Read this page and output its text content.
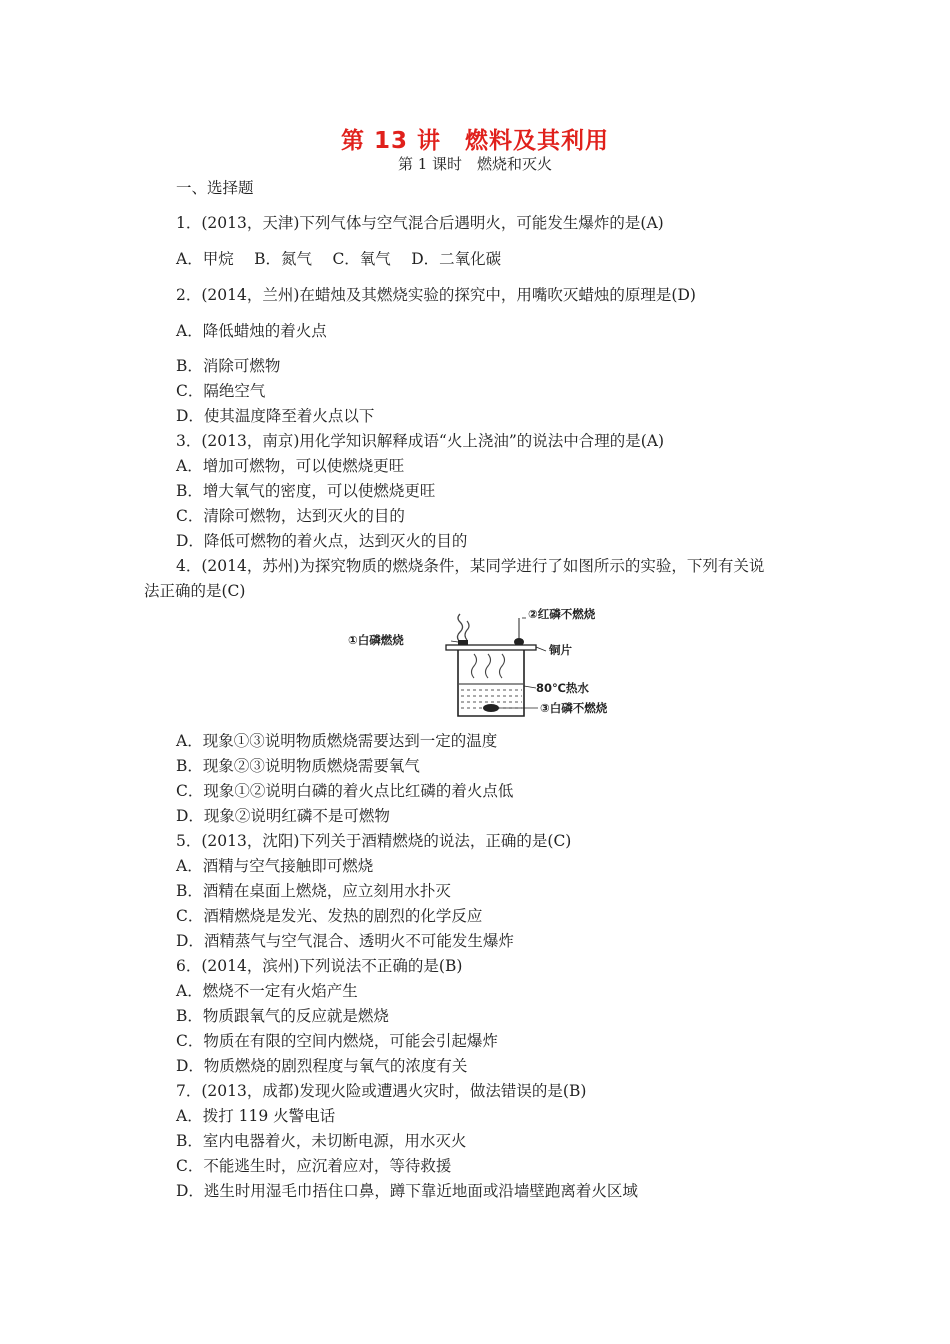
第 13 讲　燃料及其利用
第 1 课时　燃烧和灭火
一、选择题
1．(2013，天津)下列气体与空气混合后遇明火，可能发生爆炸的是(A)
A．甲烷　 B．氮气　 C．氧气　 D．二氧化碳
2．(2014，兰州)在蜡烛及其燃烧实验的探究中，用嘴吹灭蜡烛的原理是(D)
A．降低蜡烛的着火点
B．消除可燃物
C．隔绝空气
D．使其温度降至着火点以下
3．(2013，南京)用化学知识解释成语“火上浇油”的说法中合理的是(A)
A．增加可燃物，可以使燃烧更旺
B．增大氧气的密度，可以使燃烧更旺
C．清除可燃物，达到灭火的目的
D．降低可燃物的着火点，达到灭火的目的
4．(2014，苏州)为探究物质的燃烧条件，某同学进行了如图所示的实验，下列有关说
法正确的是(C)
①白磷燃烧
②红磷不燃烧
铜片
80℃热水
③白磷不燃烧
A．现象①③说明物质燃烧需要达到一定的温度
B．现象②③说明物质燃烧需要氧气
C．现象①②说明白磷的着火点比红磷的着火点低
D．现象②说明红磷不是可燃物
5．(2013，沈阳)下列关于酒精燃烧的说法，正确的是(C)
A．酒精与空气接触即可燃烧
B．酒精在桌面上燃烧，应立刻用水扑灭
C．酒精燃烧是发光、发热的剧烈的化学反应
D．酒精蒸气与空气混合、透明火不可能发生爆炸
6．(2014，滨州)下列说法不正确的是(B)
A．燃烧不一定有火焰产生
B．物质跟氧气的反应就是燃烧
C．物质在有限的空间内燃烧，可能会引起爆炸
D．物质燃烧的剧烈程度与氧气的浓度有关
7．(2013，成都)发现火险或遭遇火灾时，做法错误的是(B)
A．拨打 119 火警电话
B．室内电器着火，未切断电源，用水灭火
C．不能逃生时，应沉着应对，等待救援
D．逃生时用湿毛巾捂住口鼻，蹲下靠近地面或沿墙壁跑离着火区域
